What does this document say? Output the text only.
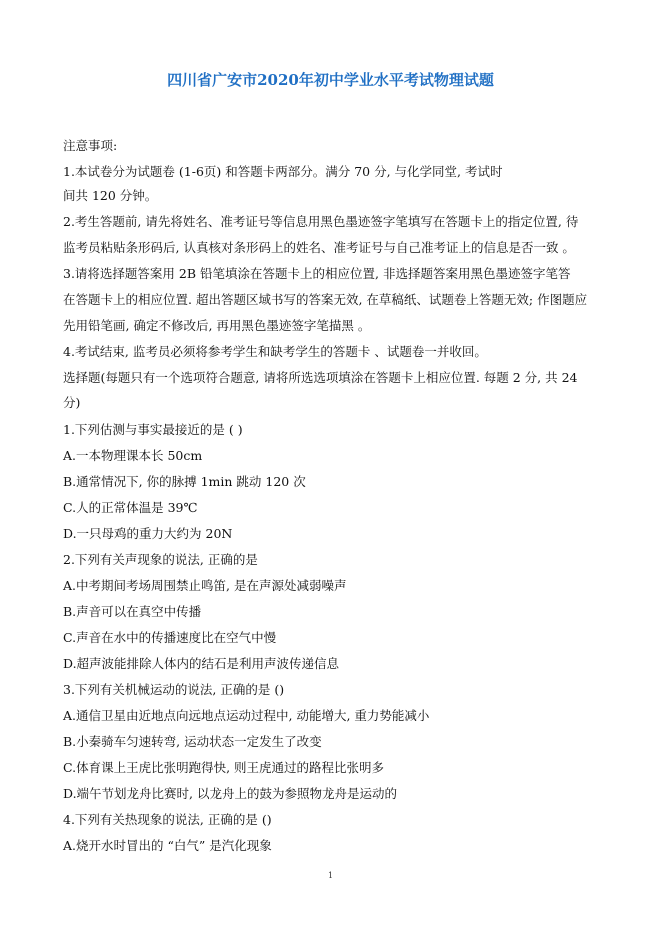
四川省广安市2020年初中学业水平考试物理试题
注意事项:
1.本试卷分为试题卷 (1-6页) 和答题卡两部分。满分 70 分, 与化学同堂, 考试时
间共 120 分钟。
2.考生答题前, 请先将姓名、准考证号等信息用黑色墨迹签字笔填写在答题卡上的指定位置, 待
监考员粘贴条形码后, 认真核对条形码上的姓名、准考证号与自己准考证上的信息是否一致 。
3.请将选择题答案用 2B 铅笔填涂在答题卡上的相应位置, 非选择题答案用黑色墨迹签字笔答
在答题卡上的相应位置. 超出答题区域书写的答案无效, 在草稿纸、试题卷上答题无效; 作图题应
先用铅笔画, 确定不修改后, 再用黑色墨迹签字笔描黑 。
4.考试结束, 监考员必须将参考学生和缺考学生的答题卡 、试题卷一并收回。
选择题(每题只有一个选项符合题意, 请将所选选项填涂在答题卡上相应位置. 每题 2 分, 共 24
分)
1.下列估测与事实最接近的是 ( )
A.一本物理课本长 50cm
B.通常情况下, 你的脉搏 1min 跳动 120 次
C.人的正常体温是 39℃
D.一只母鸡的重力大约为 20N
2.下列有关声现象的说法, 正确的是
A.中考期间考场周围禁止鸣笛, 是在声源处减弱噪声
B.声音可以在真空中传播
C.声音在水中的传播速度比在空气中慢
D.超声波能排除人体内的结石是利用声波传递信息
3.下列有关机械运动的说法, 正确的是 ()
A.通信卫星由近地点向远地点运动过程中, 动能增大, 重力势能减小
B.小秦骑车匀速转弯, 运动状态一定发生了改变
C.体育课上王虎比张明跑得快, 则王虎通过的路程比张明多
D.端午节划龙舟比赛时, 以龙舟上的鼓为参照物龙舟是运动的
4.下列有关热现象的说法, 正确的是 ()
A.烧开水时冒出的 “白气” 是汽化现象
1
